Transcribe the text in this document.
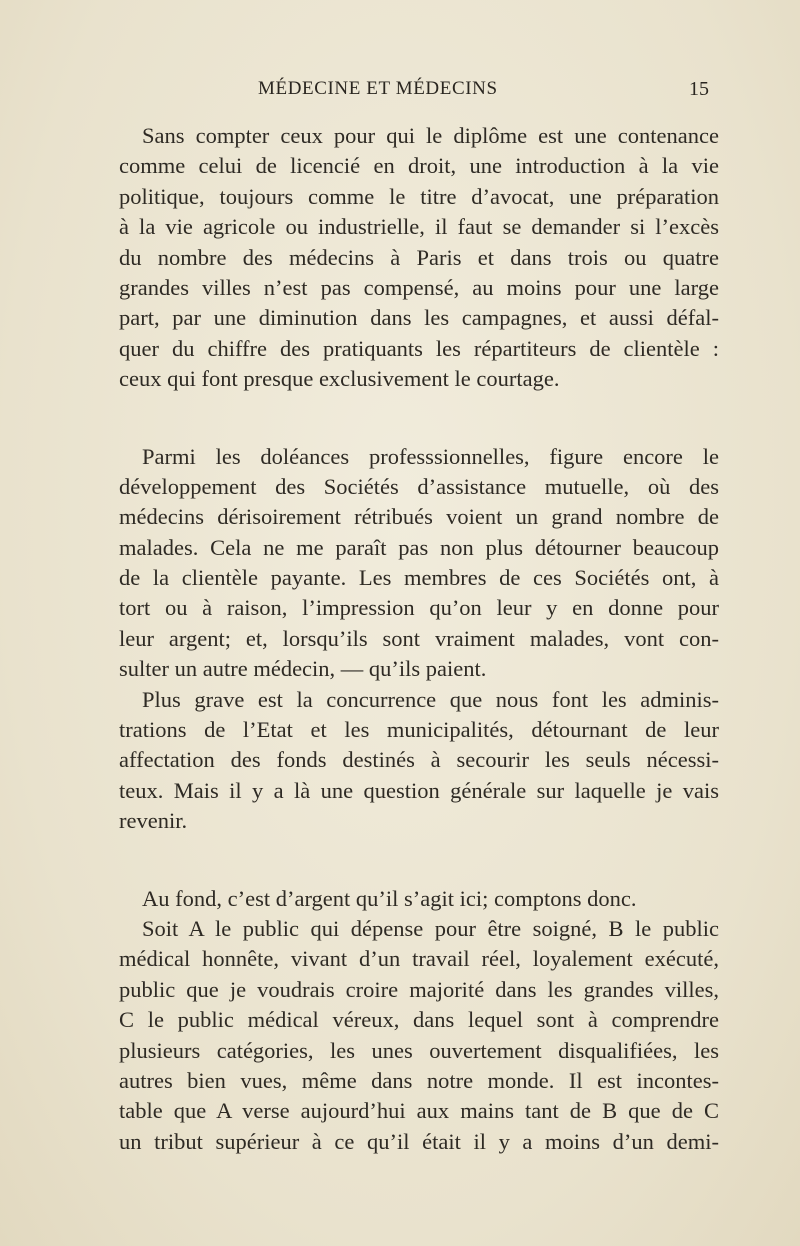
MÉDECINE ET MÉDECINS	15
Sans compter ceux pour qui le diplôme est une contenance
comme celui de licencié en droit, une introduction à la vie
politique, toujours comme le titre d’avocat, une préparation
à la vie agricole ou industrielle, il faut se demander si l’excès
du nombre des médecins à Paris et dans trois ou quatre
grandes villes n’est pas compensé, au moins pour une large
part, par une diminution dans les campagnes, et aussi défal-
quer du chiffre des pratiquants les répartiteurs de clientèle :
ceux qui font presque exclusivement le courtage.
Parmi les doléances professsionnelles, figure encore le
développement des Sociétés d’assistance mutuelle, où des
médecins dérisoirement rétribués voient un grand nombre de
malades. Cela ne me paraît pas non plus détourner beaucoup
de la clientèle payante. Les membres de ces Sociétés ont, à
tort ou à raison, l’impression qu’on leur y en donne pour
leur argent; et, lorsqu’ils sont vraiment malades, vont con-
sulter un autre médecin, — qu’ils paient.
Plus grave est la concurrence que nous font les adminis-
trations de l’Etat et les municipalités, détournant de leur
affectation des fonds destinés à secourir les seuls nécessi-
teux. Mais il y a là une question générale sur laquelle je vais
revenir.
Au fond, c’est d’argent qu’il s’agit ici; comptons donc.
Soit A le public qui dépense pour être soigné, B le public
médical honnête, vivant d’un travail réel, loyalement exécuté,
public que je voudrais croire majorité dans les grandes villes,
C le public médical véreux, dans lequel sont à comprendre
plusieurs catégories, les unes ouvertement disqualifiées, les
autres bien vues, même dans notre monde. Il est incontes-
table que A verse aujourd’hui aux mains tant de B que de C
un tribut supérieur à ce qu’il était il y a moins d’un demi-
